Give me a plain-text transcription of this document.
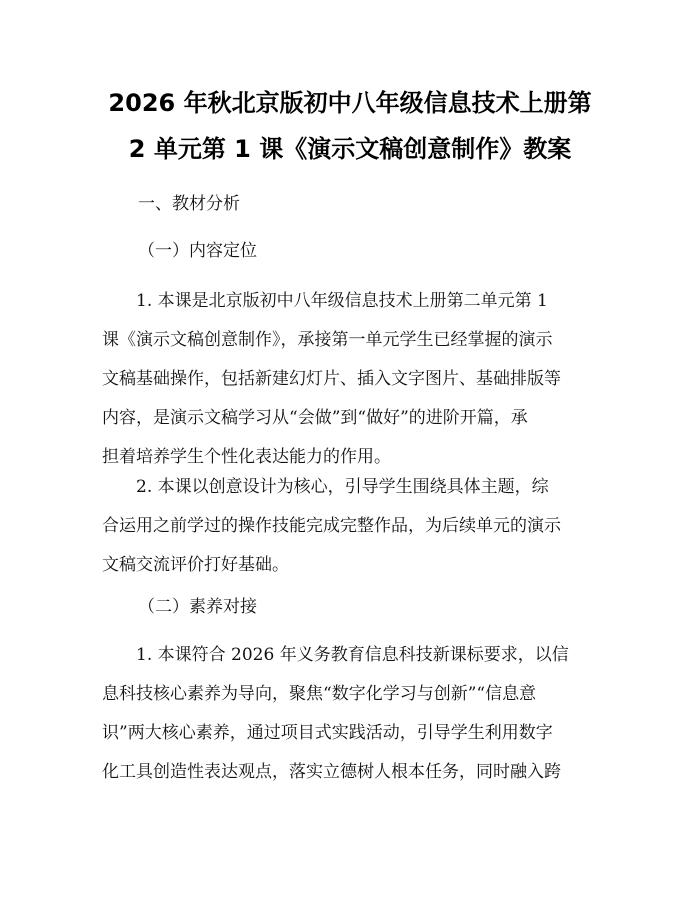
2026 年秋北京版初中八年级信息技术上册第
2 单元第 1 课《演示文稿创意制作》教案
一、教材分析
（一）内容定位
1. 本课是北京版初中八年级信息技术上册第二单元第 1
课《演示文稿创意制作》，承接第一单元学生已经掌握的演示
文稿基础操作，包括新建幻灯片、插入文字图片、基础排版等
内容，是演示文稿学习从“会做”到“做好”的进阶开篇，承
担着培养学生个性化表达能力的作用。
2. 本课以创意设计为核心，引导学生围绕具体主题，综
合运用之前学过的操作技能完成完整作品，为后续单元的演示
文稿交流评价打好基础。
（二）素养对接
1. 本课符合 2026 年义务教育信息科技新课标要求，以信
息科技核心素养为导向，聚焦“数字化学习与创新”“信息意
识”两大核心素养，通过项目式实践活动，引导学生利用数字
化工具创造性表达观点，落实立德树人根本任务，同时融入跨
